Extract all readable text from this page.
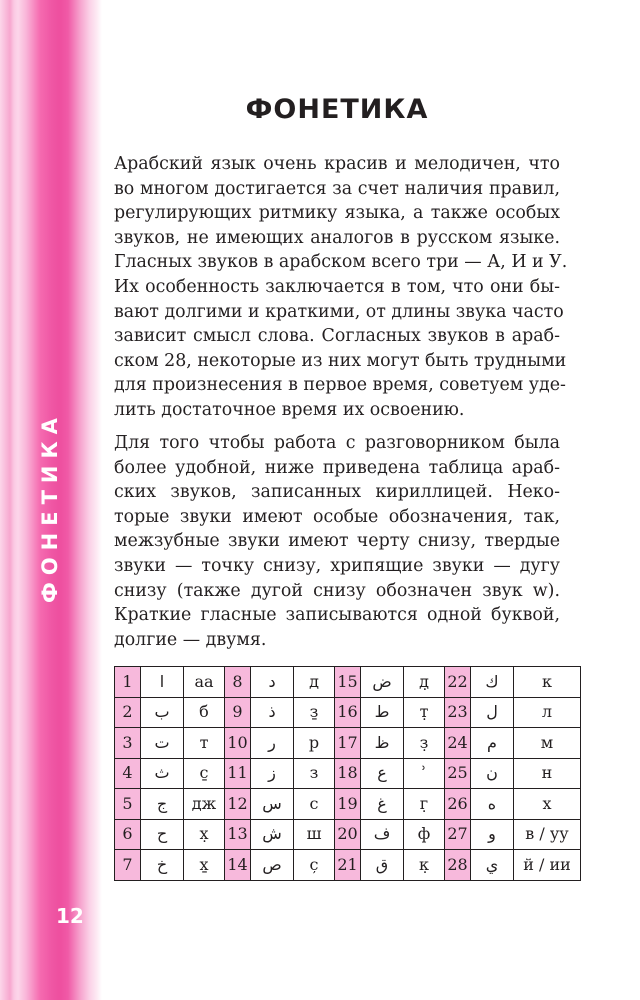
ФОНЕТИКА
12
ФОНЕТИКА
Арабский язык очень красив и мелодичен, что
во многом достигается за счет наличия правил,
регулирующих ритмику языка, а также особых
звуков, не имеющих аналогов в русском языке.
Гласных звуков в арабском всего три — А, И и У.
Их особенность заключается в том, что они бы-
вают долгими и краткими, от длины звука часто
зависит смысл слова. Согласных звуков в араб-
ском 28, некоторые из них могут быть трудными
для произнесения в первое время, советуем уде-
лить достаточное время их освоению.
Для того чтобы работа с разговорником была
более удобной, ниже приведена таблица араб-
ских звуков, записанных кириллицей. Неко-
торые звуки имеют особые обозначения, так,
межзубные звуки имеют черту снизу, твердые
звуки — точку снизу, хрипящие звуки — дугу
снизу (также дугой снизу обозначен звук w).
Краткие гласные записываются одной буквой,
долгие — двумя.
1	ا	аа	8	د	д	15	ض	д̣	22	ك	к
2	ب	б	9	ذ	з̱	16	ط	т̣	23	ل	л
3	ت	т	10	ر	р	17	ظ	з̣	24	م	м
4	ث	с̱	11	ز	з	18	ع	ʾ	25	ن	н
5	ج	дж	12	س	с	19	غ	г̣	26	ه	х
6	ح	х̣	13	ش	ш	20	ف	ф	27	و	в / уу
7	خ	х̱	14	ص	с̦	21	ق	к̣	28	ي	й / ии
